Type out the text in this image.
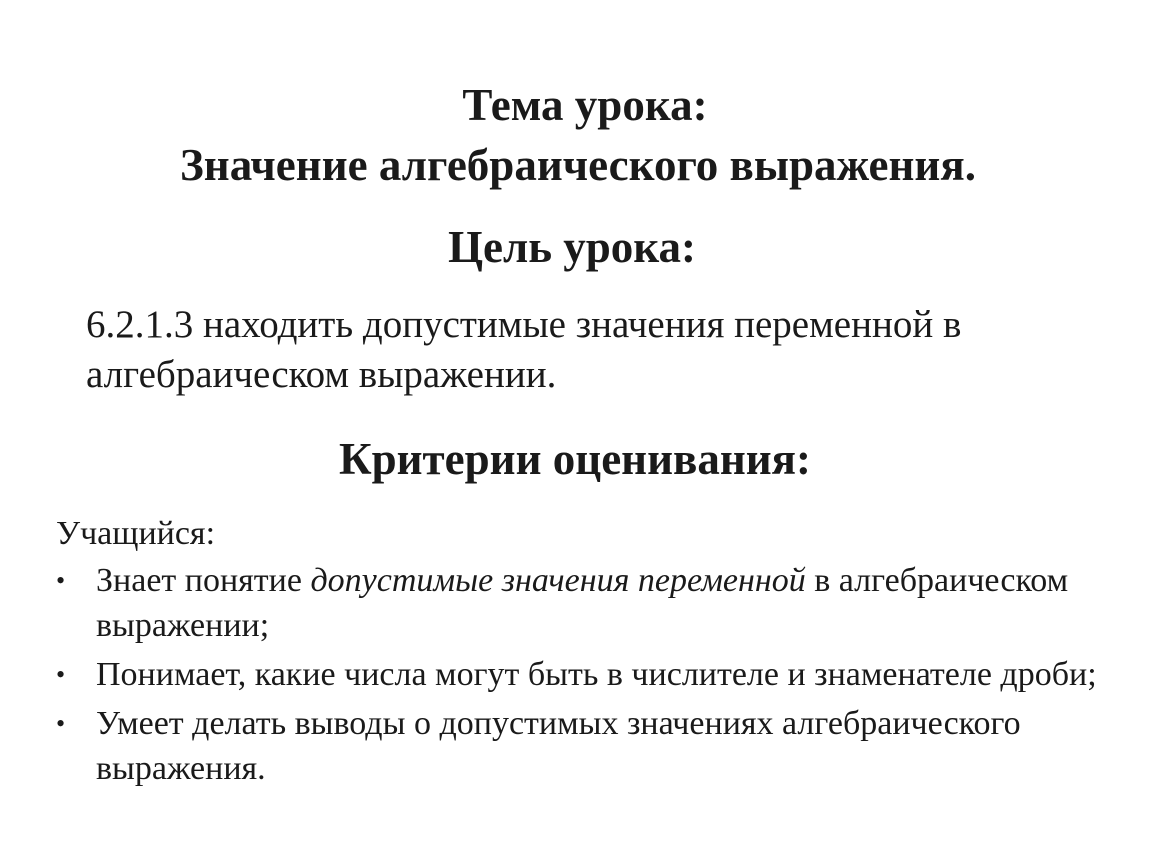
Тема урока:
Значение алгебраического выражения.
Цель урока:
6.2.1.3 находить допустимые значения переменной в алгебраическом выражении.
Критерии оценивания:
Учащийся:
• Знает понятие допустимые значения переменной в алгебраическом выражении;
• Понимает, какие числа могут быть в числителе и знаменателе дроби;
• Умеет делать выводы о допустимых значениях алгебраического выражения.
